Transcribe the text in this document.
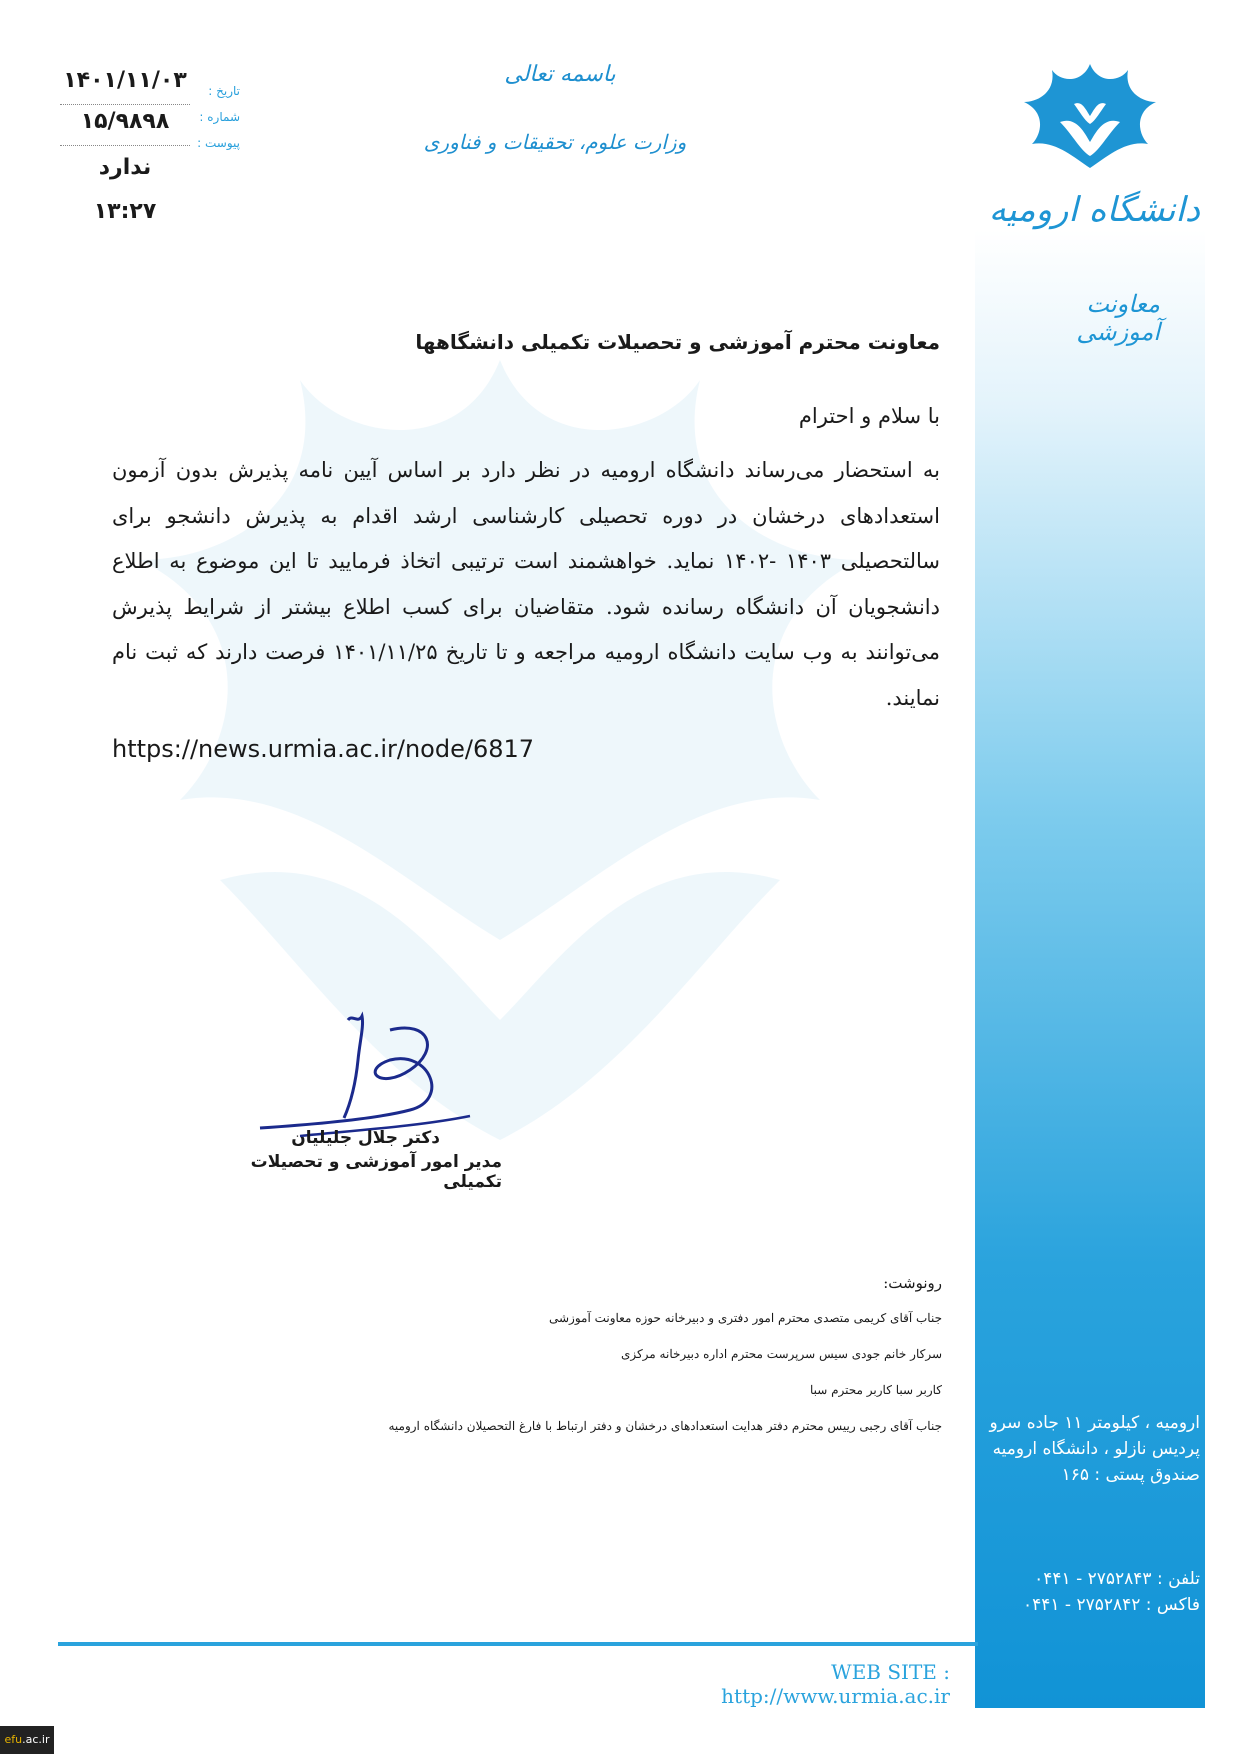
دانشگاه ارومیه
معاونت آموزشی
باسمه تعالی
وزارت علوم، تحقیقات و فناوری
تاریخ :
شماره :
پیوست :
۱۴۰۱/۱۱/۰۳
۱۵/۹۸۹۸
ندارد
۱۳:۲۷
معاونت محترم آموزشی و تحصیلات تکمیلی دانشگاهها
با سلام و احترام
به استحضار می‌رساند دانشگاه ارومیه در نظر دارد بر اساس آیین نامه پذیرش بدون آزمون استعدادهای درخشان در دوره تحصیلی کارشناسی ارشد اقدام به پذیرش دانشجو برای سالتحصیلی ۱۴۰۳ -۱۴۰۲ نماید. خواهشمند است ترتیبی اتخاذ فرمایید تا این موضوع به اطلاع دانشجویان آن دانشگاه رسانده شود. متقاضیان برای کسب اطلاع بیشتر از شرایط پذیرش می‌توانند به وب سایت دانشگاه ارومیه مراجعه و تا تاریخ ۱۴۰۱/۱۱/۲۵ فرصت دارند که ثبت نام نمایند.
https://news.urmia.ac.ir/node/6817
دکتر جلال جلیلیان
مدیر امور آموزشی و تحصیلات تکمیلی
رونوشت:
جناب آقای کریمی متصدی محترم امور دفتری و دبیرخانه حوزه معاونت آموزشی
سرکار خانم جودی سیس سرپرست محترم اداره دبیرخانه مرکزی
کاربر سبا کاربر محترم سبا
جناب آقای رجبی رییس محترم دفتر هدایت استعدادهای درخشان و دفتر ارتباط با فارغ التحصیلان دانشگاه ارومیه	ارومیه ، کیلومتر ۱۱ جاده سرو
پردیس نازلو ، دانشگاه ارومیه
صندوق پستی : ۱۶۵
تلفن : ۲۷۵۲۸۴۳ - ۰۴۴۱
فاکس : ۲۷۵۲۸۴۲ - ۰۴۴۱
WEB SITE : http://www.urmia.ac.ir
efu.ac.ir
